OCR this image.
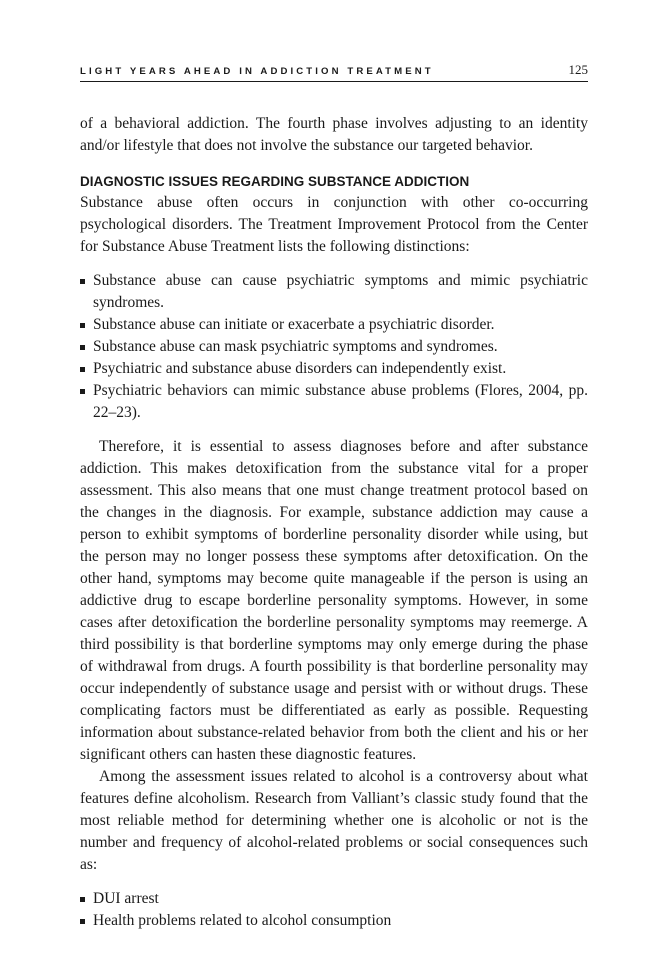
LIGHT YEARS AHEAD IN ADDICTION TREATMENT	125

of a behavioral addiction. The fourth phase involves adjusting to an identity and/or lifestyle that does not involve the substance our targeted behavior.

DIAGNOSTIC ISSUES REGARDING SUBSTANCE ADDICTION

Substance abuse often occurs in conjunction with other co-occurring psychological disorders. The Treatment Improvement Protocol from the Center for Substance Abuse Treatment lists the following distinctions:

Substance abuse can cause psychiatric symptoms and mimic psychiatric syndromes.
Substance abuse can initiate or exacerbate a psychiatric disorder.
Substance abuse can mask psychiatric symptoms and syndromes.
Psychiatric and substance abuse disorders can independently exist.
Psychiatric behaviors can mimic substance abuse problems (Flores, 2004, pp. 22–23).

Therefore, it is essential to assess diagnoses before and after substance addiction. This makes detoxification from the substance vital for a proper assessment. This also means that one must change treatment protocol based on the changes in the diagnosis. For example, substance addiction may cause a person to exhibit symptoms of borderline personality disorder while using, but the person may no longer possess these symptoms after detoxification. On the other hand, symptoms may become quite manageable if the person is using an addictive drug to escape borderline personality symptoms. However, in some cases after detoxification the borderline personality symptoms may reemerge. A third possibility is that borderline symptoms may only emerge during the phase of withdrawal from drugs. A fourth possibility is that borderline personality may occur independently of substance usage and persist with or without drugs. These complicating factors must be differentiated as early as possible. Requesting information about substance-related behavior from both the client and his or her significant others can hasten these diagnostic features.

Among the assessment issues related to alcohol is a controversy about what features define alcoholism. Research from Valliant’s classic study found that the most reliable method for determining whether one is alcoholic or not is the number and frequency of alcohol-related problems or social consequences such as:

DUI arrest
Health problems related to alcohol consumption
